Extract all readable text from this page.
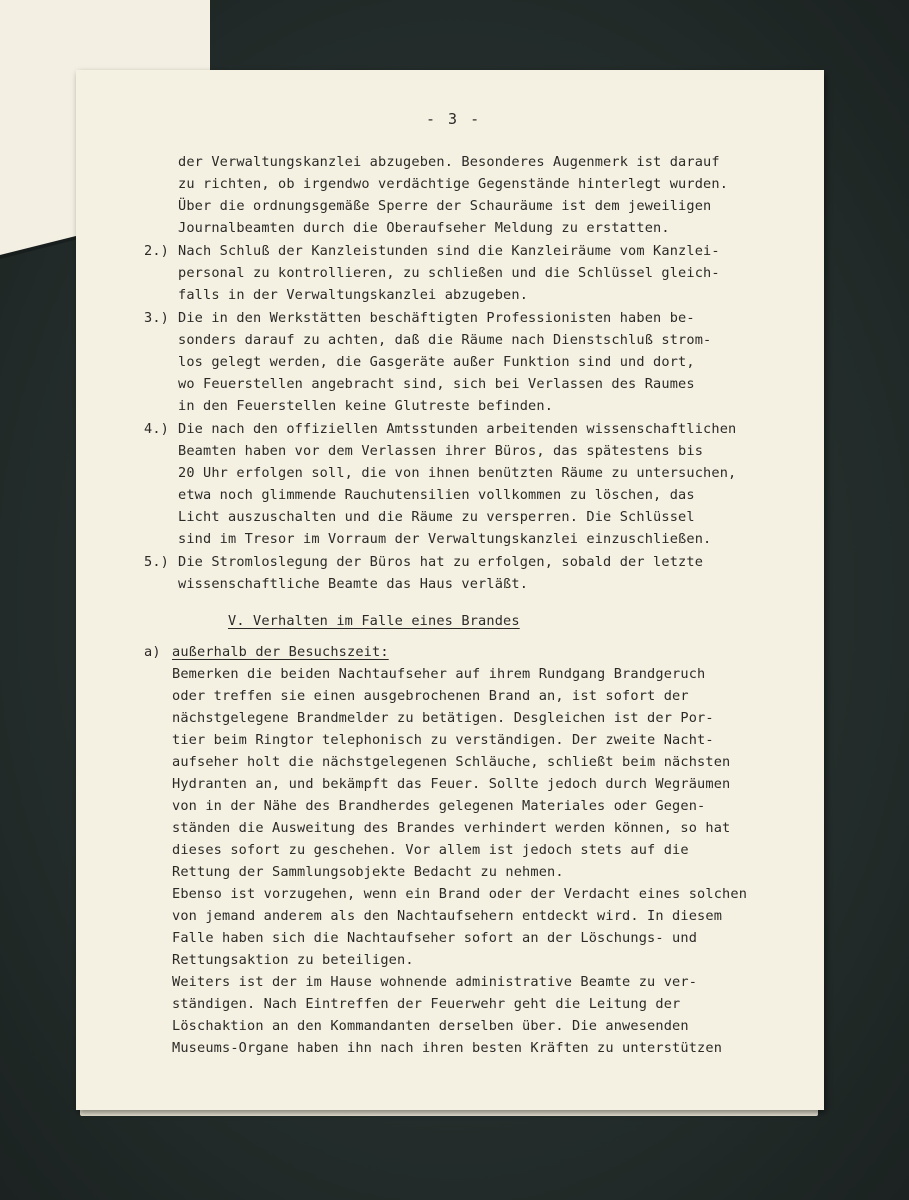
- 3 -
der Verwaltungskanzlei abzugeben. Besonderes Augenmerk ist darauf
zu richten, ob irgendwo verdächtige Gegenstände hinterlegt wurden.
Über die ordnungsgemäße Sperre der Schauräume ist dem jeweiligen
Journalbeamten durch die Oberaufseher Meldung zu erstatten.
2.) Nach Schluß der Kanzleistunden sind die Kanzleiräume vom Kanzlei-
personal zu kontrollieren, zu schließen und die Schlüssel gleich-
falls in der Verwaltungskanzlei abzugeben.
3.) Die in den Werkstätten beschäftigten Professionisten haben be-
sonders darauf zu achten, daß die Räume nach Dienstschluß strom-
los gelegt werden, die Gasgeräte außer Funktion sind und dort,
wo Feuerstellen angebracht sind, sich bei Verlassen des Raumes
in den Feuerstellen keine Glutreste befinden.
4.) Die nach den offiziellen Amtsstunden arbeitenden wissenschaftlichen
Beamten haben vor dem Verlassen ihrer Büros, das spätestens bis
20 Uhr erfolgen soll, die von ihnen benützten Räume zu untersuchen,
etwa noch glimmende Rauchutensilien vollkommen zu löschen, das
Licht auszuschalten und die Räume zu versperren. Die Schlüssel
sind im Tresor im Vorraum der Verwaltungskanzlei einzuschließen.
5.) Die Stromloslegung der Büros hat zu erfolgen, sobald der letzte
wissenschaftliche Beamte das Haus verläßt.
V. Verhalten im Falle eines Brandes
a) außerhalb der Besuchszeit:
Bemerken die beiden Nachtaufseher auf ihrem Rundgang Brandgeruch
oder treffen sie einen ausgebrochenen Brand an, ist sofort der
nächstgelegene Brandmelder zu betätigen. Desgleichen ist der Por-
tier beim Ringtor telephonisch zu verständigen. Der zweite Nacht-
aufseher holt die nächstgelegenen Schläuche, schließt beim nächsten
Hydranten an, und bekämpft das Feuer. Sollte jedoch durch Wegräumen
von in der Nähe des Brandherdes gelegenen Materiales oder Gegen-
ständen die Ausweitung des Brandes verhindert werden können, so hat
dieses sofort zu geschehen. Vor allem ist jedoch stets auf die
Rettung der Sammlungsobjekte Bedacht zu nehmen.
Ebenso ist vorzugehen, wenn ein Brand oder der Verdacht eines solchen
von jemand anderem als den Nachtaufsehern entdeckt wird. In diesem
Falle haben sich die Nachtaufseher sofort an der Löschungs- und
Rettungsaktion zu beteiligen.
Weiters ist der im Hause wohnende administrative Beamte zu ver-
ständigen. Nach Eintreffen der Feuerwehr geht die Leitung der
Löschaktion an den Kommandanten derselben über. Die anwesenden
Museums-Organe haben ihn nach ihren besten Kräften zu unterstützen
